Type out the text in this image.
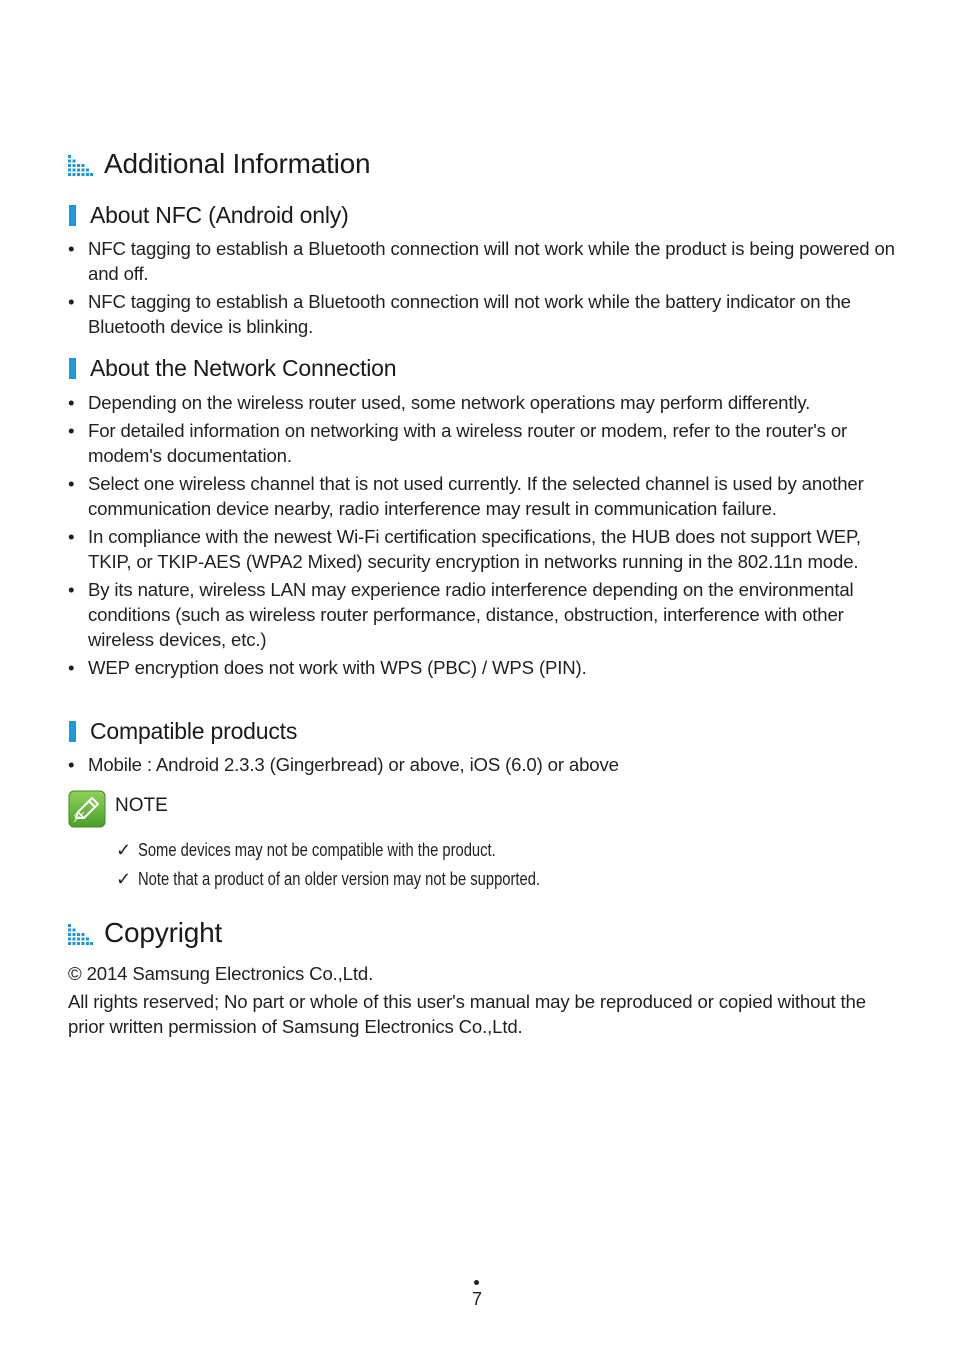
Additional Information
About NFC (Android only)
• NFC tagging to establish a Bluetooth connection will not work while the product is being powered on and off.
• NFC tagging to establish a Bluetooth connection will not work while the battery indicator on the Bluetooth device is blinking.
About the Network Connection
• Depending on the wireless router used, some network operations may perform differently.
• For detailed information on networking with a wireless router or modem, refer to the router's or modem's documentation.
• Select one wireless channel that is not used currently. If the selected channel is used by another communication device nearby, radio interference may result in communication failure.
• In compliance with the newest Wi-Fi certification specifications, the HUB does not support WEP, TKIP, or TKIP-AES (WPA2 Mixed) security encryption in networks running in the 802.11n mode.
• By its nature, wireless LAN may experience radio interference depending on the environmental conditions (such as wireless router performance, distance, obstruction, interference with other wireless devices, etc.)
• WEP encryption does not work with WPS (PBC) / WPS (PIN).
Compatible products
• Mobile : Android 2.3.3 (Gingerbread) or above, iOS (6.0) or above
NOTE
✓ Some devices may not be compatible with the product.
✓ Note that a product of an older version may not be supported.
Copyright
© 2014 Samsung Electronics Co.,Ltd.
All rights reserved; No part or whole of this user's manual may be reproduced or copied without the prior written permission of Samsung Electronics Co.,Ltd.
7
